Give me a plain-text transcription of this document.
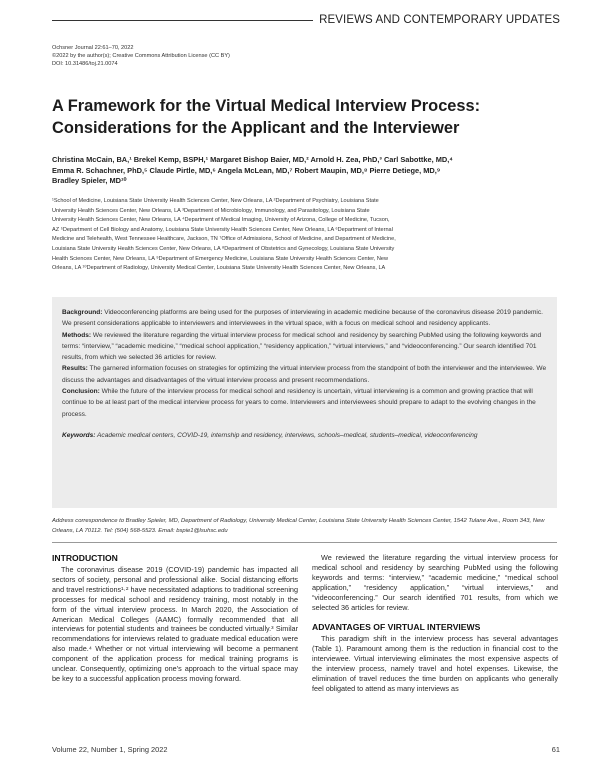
REVIEWS AND CONTEMPORARY UPDATES
Ochsner Journal 22:61–70, 2022
©2022 by the author(s); Creative Commons Attribution License (CC BY)
DOI: 10.31486/toj.21.0074
A Framework for the Virtual Medical Interview Process:
Considerations for the Applicant and the Interviewer
Christina McCain, BA,¹ Brekel Kemp, BSPH,¹ Margaret Bishop Baier, MD,² Arnold H. Zea, PhD,³ Carl Sabottke, MD,⁴
Emma R. Schachner, PhD,⁵ Claude Pirtle, MD,⁶ Angela McLean, MD,⁷ Robert Maupin, MD,⁸ Pierre Detiege, MD,⁹
Bradley Spieler, MD¹⁰
¹School of Medicine, Louisiana State University Health Sciences Center, New Orleans, LA ²Department of Psychiatry, Louisiana State
University Health Sciences Center, New Orleans, LA ³Department of Microbiology, Immunology, and Parasitology, Louisiana State
University Health Sciences Center, New Orleans, LA ⁴Department of Medical Imaging, University of Arizona, College of Medicine, Tucson,
AZ ⁵Department of Cell Biology and Anatomy, Louisiana State University Health Sciences Center, New Orleans, LA ⁶Department of Internal
Medicine and Telehealth, West Tennessee Healthcare, Jackson, TN ⁷Office of Admissions, School of Medicine, and Department of Medicine,
Louisiana State University Health Sciences Center, New Orleans, LA ⁸Department of Obstetrics and Gynecology, Louisiana State University
Health Sciences Center, New Orleans, LA ⁹Department of Emergency Medicine, Louisiana State University Health Sciences Center, New
Orleans, LA ¹⁰Department of Radiology, University Medical Center, Louisiana State University Health Sciences Center, New Orleans, LA

Background: Videoconferencing platforms are being used for the purposes of interviewing in academic medicine because of the coronavirus disease 2019 pandemic. We present considerations applicable to interviewers and interviewees in the virtual space, with a focus on medical school and residency applicants.

Methods: We reviewed the literature regarding the virtual interview process for medical school and residency by searching PubMed using the following keywords and terms: “interview,” “academic medicine,” “medical school application,” “residency application,” “virtual interviews,” and “videoconferencing.” Our search identified 701 results, from which we selected 36 articles for review.

Results: The garnered information focuses on strategies for optimizing the virtual interview process from the standpoint of both the interviewer and the interviewee. We discuss the advantages and disadvantages of the virtual interview process and present recommendations.

Conclusion: While the future of the interview process for medical school and residency is uncertain, virtual interviewing is a common and growing practice that will continue to be at least part of the medical interview process for years to come. Interviewers and interviewees should prepare to adapt to the evolving changes in the process.

Keywords: Academic medical centers, COVID-19, internship and residency, interviews, schools–medical, students–medical, videoconferencing

Address correspondence to Bradley Spieler, MD, Department of Radiology, University Medical Center, Louisiana State University Health Sciences Center, 1542 Tulane Ave., Room 343, New Orleans, LA 70112. Tel: (504) 568-5523. Email: bspie1@lsuhsc.edu
INTRODUCTION

The coronavirus disease 2019 (COVID-19) pandemic has impacted all sectors of society, personal and professional alike. Social distancing efforts and travel restrictions¹·² have necessitated adaptions to traditional screening processes for medical school and residency training, most notably in the form of the virtual interview process. In March 2020, the Association of American Medical Colleges (AAMC) formally recommended that all interviews for potential students and trainees be conducted virtually.³ Similar recommendations for interviews related to graduate medical education were also made.⁴ Whether or not virtual interviewing will become a permanent component of the application process for medical training programs is unclear. Consequently, optimizing one’s approach to the virtual space may be key to a successful application process moving forward.

We reviewed the literature regarding the virtual interview process for medical school and residency by searching PubMed using the following keywords and terms: “interview,” “academic medicine,” “medical school application,” “residency application,” “virtual interviews,” and “videoconferencing.” Our search identified 701 results, from which we selected 36 articles for review.

ADVANTAGES OF VIRTUAL INTERVIEWS

This paradigm shift in the interview process has several advantages (Table 1). Paramount among them is the reduction in financial cost to the interviewee. Virtual interviewing eliminates the most expensive aspects of the interview process, namely travel and hotel expenses. Likewise, the elimination of travel reduces the time burden on applicants who generally feel obligated to attend as many interviews as

Volume 22, Number 1, Spring 2022	61
